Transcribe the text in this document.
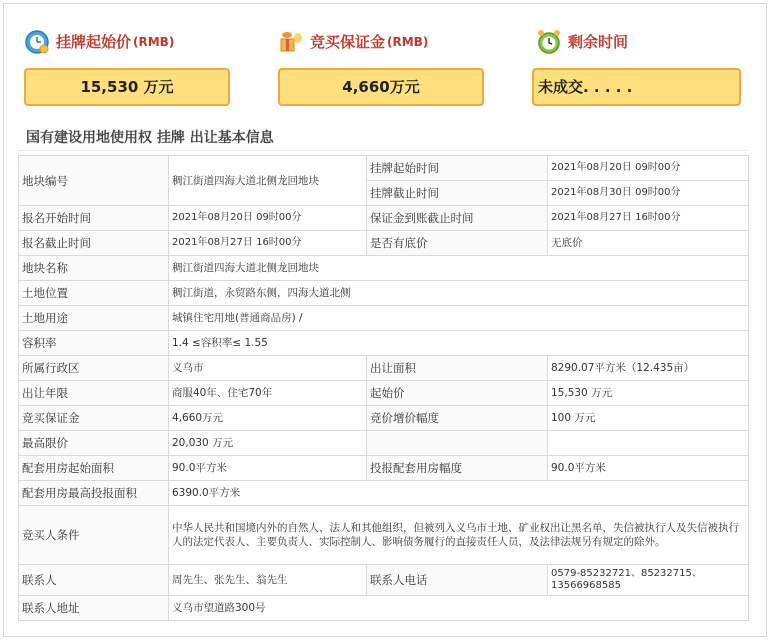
挂牌起始价 (RMB)
15,530 万元
竞买保证金 (RMB)
4,660万元
剩余时间
未成交. . . . .
国有建设用地使用权 挂牌 出让基本信息
地块编号	稠江街道四海大道北侧龙回地块	挂牌起始时间	2021年08月20日 09时00分
		挂牌截止时间	2021年08月30日 09时00分
报名开始时间	2021年08月20日 09时00分	保证金到账截止时间	2021年08月27日 16时00分
报名截止时间	2021年08月27日 16时00分	是否有底价	无底价
地块名称	稠江街道四海大道北侧龙回地块		
土地位置	稠江街道，永贸路东侧，四海大道北侧		
土地用途	城镇住宅用地(普通商品房) /		
容积率	1.4 ≤容积率≤ 1.55		
所属行政区	义乌市	出让面积	8290.07平方米（12.435亩）
出让年限	商服40年、住宅70年	起始价	15,530 万元
竞买保证金	4,660万元	竞价增价幅度	100 万元
最高限价	20,030 万元		
配套用房起始面积	90.0平方米	投报配套用房幅度	90.0平方米
配套用房最高投报面积	6390.0平方米		
竞买人条件	中华人民共和国境内外的自然人、法人和其他组织，但被列入义乌市土地、矿业权出让黑名单，失信被执行人及失信被执行人的法定代表人、主要负责人、实际控制人、影响债务履行的直接责任人员，及法律法规另有规定的除外。		
联系人	周先生、张先生、翁先生	联系人电话	0579-85232721、85232715、13566968585
联系人地址	义乌市望道路300号		
